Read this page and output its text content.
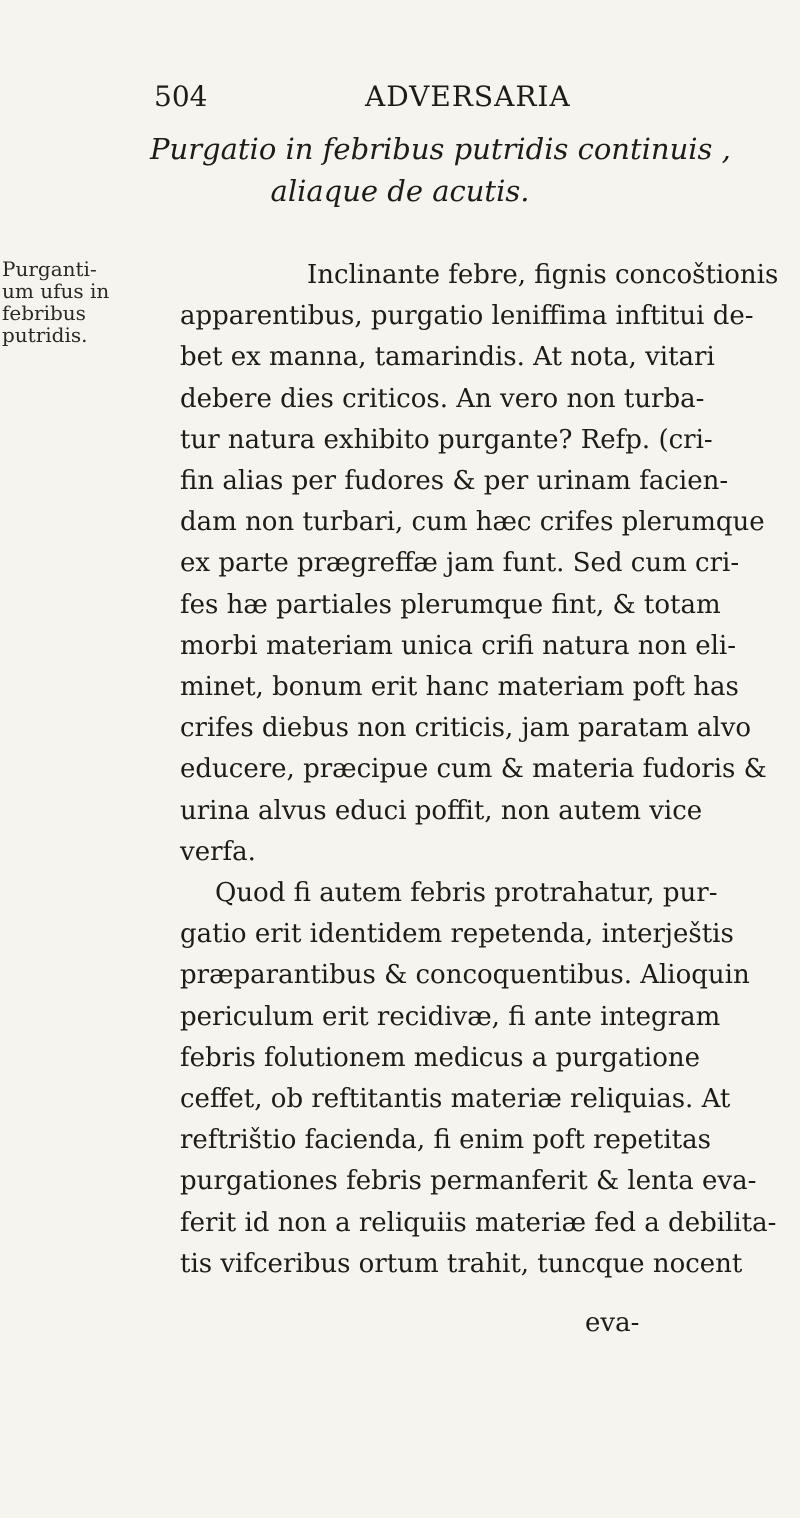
504	ADVERSARIA
Purgatio in febribus putridis continuis ,
aliaque de acutis.
Purganti-
um ufus in
febribus
putridis.
Inclinante febre, fignis concoštionis
apparentibus, purgatio leniffima inftitui de-
bet ex manna, tamarindis. At nota, vitari
debere dies criticos. An vero non turba-
tur natura exhibito purgante? Refp. (cri-
fin alias per fudores & per urinam facien-
dam non turbari, cum hæc crifes plerumque
ex parte prægreffæ jam funt. Sed cum cri-
fes hæ partiales plerumque fint, & totam
morbi materiam unica crifi natura non eli-
minet, bonum erit hanc materiam poft has
crifes diebus non criticis, jam paratam alvo
educere, præcipue cum & materia fudoris &
urina alvus educi poffit, non autem vice
verfa.
Quod fi autem febris protrahatur, pur-
gatio erit identidem repetenda, interještis
præparantibus & concoquentibus. Alioquin
periculum erit recidivæ, fi ante integram
febris folutionem medicus a purgatione
ceffet, ob reftitantis materiæ reliquias. At
reftrištio facienda, fi enim poft repetitas
purgationes febris permanferit & lenta eva-
ferit id non a reliquiis materiæ fed a debilita-
tis vifceribus ortum trahit, tuncque nocent
eva-
